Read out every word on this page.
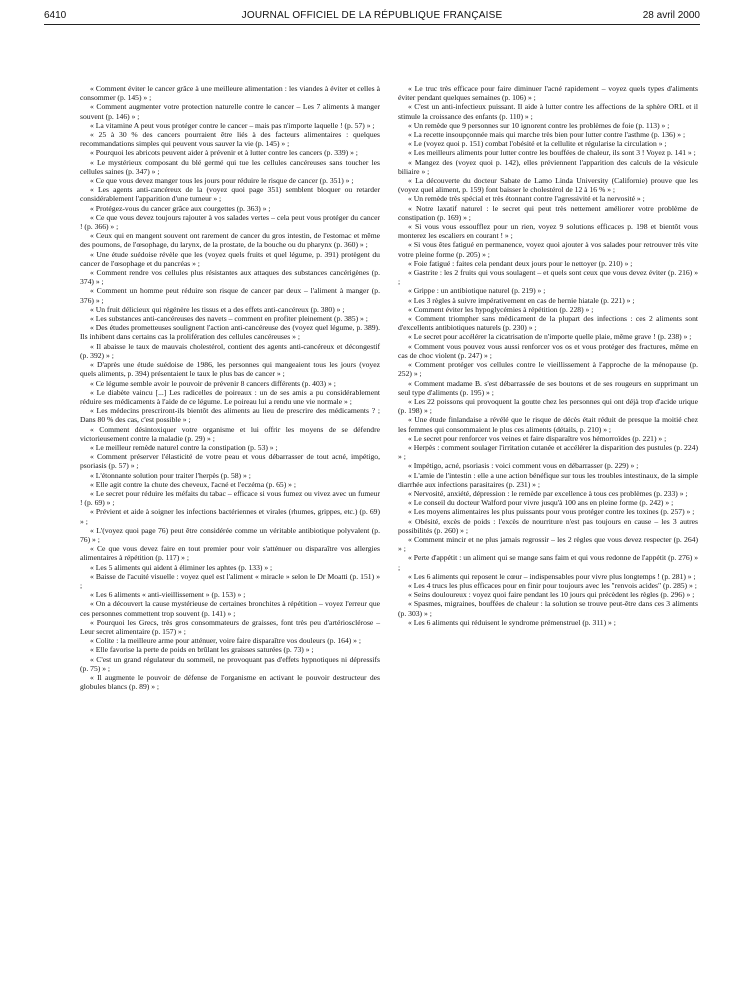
6410	JOURNAL OFFICIEL DE LA RÉPUBLIQUE FRANÇAISE	28 avril 2000

« Comment éviter le cancer grâce à une meilleure alimentation : les viandes à éviter et celles à consommer (p. 145) » ;

« Comment augmenter votre protection naturelle contre le cancer – Les 7 aliments à manger souvent (p. 146) » ;

« La vitamine A peut vous protéger contre le cancer – mais pas n'importe laquelle ! (p. 57) » ;

« 25 à 30 % des cancers pourraient être liés à des facteurs alimentaires : quelques recommandations simples qui peuvent vous sauver la vie (p. 145) » ;

« Pourquoi les abricots peuvent aider à prévenir et à lutter contre les cancers (p. 339) » ;

« Le mystérieux composant du blé germé qui tue les cellules cancéreuses sans toucher les cellules saines (p. 347) » ;

« Ce que vous devez manger tous les jours pour réduire le risque de cancer (p. 351) » ;

« Les agents anti-cancéreux de la (voyez quoi page 351) semblent bloquer ou retarder considérablement l'apparition d'une tumeur » ;

« Protégez-vous du cancer grâce aux courgettes (p. 363) » ;

« Ce que vous devez toujours rajouter à vos salades vertes – cela peut vous protéger du cancer ! (p. 366) » ;

« Ceux qui en mangent souvent ont rarement de cancer du gros intestin, de l'estomac et même des poumons, de l'œsophage, du larynx, de la prostate, de la bouche ou du pharynx (p. 360) » ;

« Une étude suédoise révèle que les (voyez quels fruits et quel légume, p. 391) protègent du cancer de l'œsophage et du pancréas » ;

« Comment rendre vos cellules plus résistantes aux attaques des substances cancérigènes (p. 374) » ;

« Comment un homme peut réduire son risque de cancer par deux – l'aliment à manger (p. 376) » ;

« Un fruit délicieux qui régénère les tissus et a des effets anti-cancéreux (p. 380) » ;

« Les substances anti-cancéreuses des navets – comment en profiter pleinement (p. 385) » ;

« Des études prometteuses soulignent l'action anti-cancéreuse des (voyez quel légume, p. 389). Ils inhibent dans certains cas la prolifération des cellules cancéreuses » ;

« Il abaisse le taux de mauvais cholestérol, contient des agents anti-cancéreux et décongestif (p. 392) » ;

« D'après une étude suédoise de 1986, les personnes qui mangeaient tous les jours (voyez quels aliments, p. 394) présentaient le taux le plus bas de cancer » ;

« Ce légume semble avoir le pouvoir de prévenir 8 cancers différents (p. 403) » ;

« Le diabète vaincu [...] Les radicelles de poireaux : un de ses amis a pu considérablement réduire ses médicaments à l'aide de ce légume. Le poireau lui a rendu une vie normale » ;

« Les médecins prescriront-ils bientôt des aliments au lieu de prescrire des médicaments ? ; Dans 80 % des cas, c'est possible » ;

« Comment désintoxiquer votre organisme et lui offrir les moyens de se défendre victorieusement contre la maladie (p. 29) » ;

« Le meilleur remède naturel contre la constipation (p. 53) » ;

« Comment préserver l'élasticité de votre peau et vous débarrasser de tout acné, impétigo, psoriasis (p. 57) » ;

« L'étonnante solution pour traiter l'herpès (p. 58) » ;

« Elle agit contre la chute des cheveux, l'acné et l'eczéma (p. 65) » ;

« Le secret pour réduire les méfaits du tabac – efficace si vous fumez ou vivez avec un fumeur ! (p. 69) » ;

« Prévient et aide à soigner les infections bactériennes et virales (rhumes, grippes, etc.) (p. 69) » ;

« L'(voyez quoi page 76) peut être considérée comme un véritable antibiotique polyvalent (p. 76) » ;

« Ce que vous devez faire en tout premier pour voir s'atténuer ou disparaître vos allergies alimentaires à répétition (p. 117) » ;

« Les 5 aliments qui aident à éliminer les aphtes (p. 133) » ;

« Baisse de l'acuité visuelle : voyez quel est l'aliment « miracle » selon le Dr Moatti (p. 151) » ;

« Les 6 aliments « anti-vieillissement » (p. 153) » ;

« On a découvert la cause mystérieuse de certaines bronchites à répétition – voyez l'erreur que ces personnes commettent trop souvent (p. 141) » ;

« Pourquoi les Grecs, très gros consommateurs de graisses, font très peu d'artériosclérose – Leur secret alimentaire (p. 157) » ;

« Colite : la meilleure arme pour atténuer, voire faire disparaître vos douleurs (p. 164) » ;

« Elle favorise la perte de poids en brûlant les graisses saturées (p. 73) » ;

« C'est un grand régulateur du sommeil, ne provoquant pas d'effets hypnotiques ni dépressifs (p. 75) » ;

« Il augmente le pouvoir de défense de l'organisme en activant le pouvoir destructeur des globules blancs (p. 89) » ;

« Le truc très efficace pour faire diminuer l'acné rapidement – voyez quels types d'aliments éviter pendant quelques semaines (p. 106) » ;

« C'est un anti-infectieux puissant. Il aide à lutter contre les affections de la sphère ORL et il stimule la croissance des enfants (p. 110) » ;

« Un remède que 9 personnes sur 10 ignorent contre les problèmes de foie (p. 113) » ;

« La recette insoupçonnée mais qui marche très bien pour lutter contre l'asthme (p. 136) » ;

« Le (voyez quoi p. 151) combat l'obésité et la cellulite et régularise la circulation » ;

« Les meilleurs aliments pour lutter contre les bouffées de chaleur, ils sont 3 ! Voyez p. 141 » ;

« Mangez des (voyez quoi p. 142), elles préviennent l'apparition des calculs de la vésicule biliaire » ;

« La découverte du docteur Sabate de Lamo Linda University (Californie) prouve que les (voyez quel aliment, p. 159) font baisser le cholestérol de 12 à 16 % » ;

« Un remède très spécial et très étonnant contre l'agressivité et la nervosité » ;

« Notre laxatif naturel : le secret qui peut très nettement améliorer votre problème de constipation (p. 169) » ;

« Si vous vous essoufflez pour un rien, voyez 9 solutions efficaces p. 198 et bientôt vous monterez les escaliers en courant ! » ;

« Si vous êtes fatigué en permanence, voyez quoi ajouter à vos salades pour retrouver très vite votre pleine forme (p. 205) » ;

« Foie fatigué : faites cela pendant deux jours pour le nettoyer (p. 210) » ;

« Gastrite : les 2 fruits qui vous soulagent – et quels sont ceux que vous devez éviter (p. 216) » ;

« Grippe : un antibiotique naturel (p. 219) » ;

« Les 3 règles à suivre impérativement en cas de hernie hiatale (p. 221) » ;

« Comment éviter les hypoglycémies à répétition (p. 228) » ;

« Comment triompher sans médicament de la plupart des infections : ces 2 aliments sont d'excellents antibiotiques naturels (p. 230) » ;

« Le secret pour accélérer la cicatrisation de n'importe quelle plaie, même grave ! (p. 238) » ;

« Comment vous pouvez vous aussi renforcer vos os et vous protéger des fractures, même en cas de choc violent (p. 247) » ;

« Comment protéger vos cellules contre le vieillissement à l'approche de la ménopause (p. 252) » ;

« Comment madame B. s'est débarrassée de ses boutons et de ses rougeurs en supprimant un seul type d'aliments (p. 195) » ;

« Les 22 poissons qui provoquent la goutte chez les personnes qui ont déjà trop d'acide urique (p. 198) » ;

« Une étude finlandaise a révélé que le risque de décès était réduit de presque la moitié chez les femmes qui consommaient le plus ces aliments (détails, p. 210) » ;

« Le secret pour renforcer vos veines et faire disparaître vos hémorroïdes (p. 221) » ;

« Herpès : comment soulager l'irritation cutanée et accélérer la disparition des pustules (p. 224) » ;

« Impétigo, acné, psoriasis : voici comment vous en débarrasser (p. 229) » ;

« L'amie de l'intestin : elle a une action bénéfique sur tous les troubles intestinaux, de la simple diarrhée aux infections parasitaires (p. 231) » ;

« Nervosité, anxiété, dépression : le remède par excellence à tous ces problèmes (p. 233) » ;

« Le conseil du docteur Walford pour vivre jusqu'à 100 ans en pleine forme (p. 242) » ;

« Les moyens alimentaires les plus puissants pour vous protéger contre les toxines (p. 257) » ;

« Obésité, excès de poids : l'excès de nourriture n'est pas toujours en cause – les 3 autres possibilités (p. 260) » ;

« Comment mincir et ne plus jamais regrossir – les 2 règles que vous devez respecter (p. 264) » ;

« Perte d'appétit : un aliment qui se mange sans faim et qui vous redonne de l'appétit (p. 276) » ;

« Les 6 aliments qui reposent le cœur – indispensables pour vivre plus longtemps ! (p. 281) » ;

« Les 4 trucs les plus efficaces pour en finir pour toujours avec les "renvois acides" (p. 285) » ;

« Seins douloureux : voyez quoi faire pendant les 10 jours qui précèdent les règles (p. 296) » ;

« Spasmes, migraines, bouffées de chaleur : la solution se trouve peut-être dans ces 3 aliments (p. 303) » ;

« Les 6 aliments qui réduisent le syndrome prémenstruel (p. 311) » ;
